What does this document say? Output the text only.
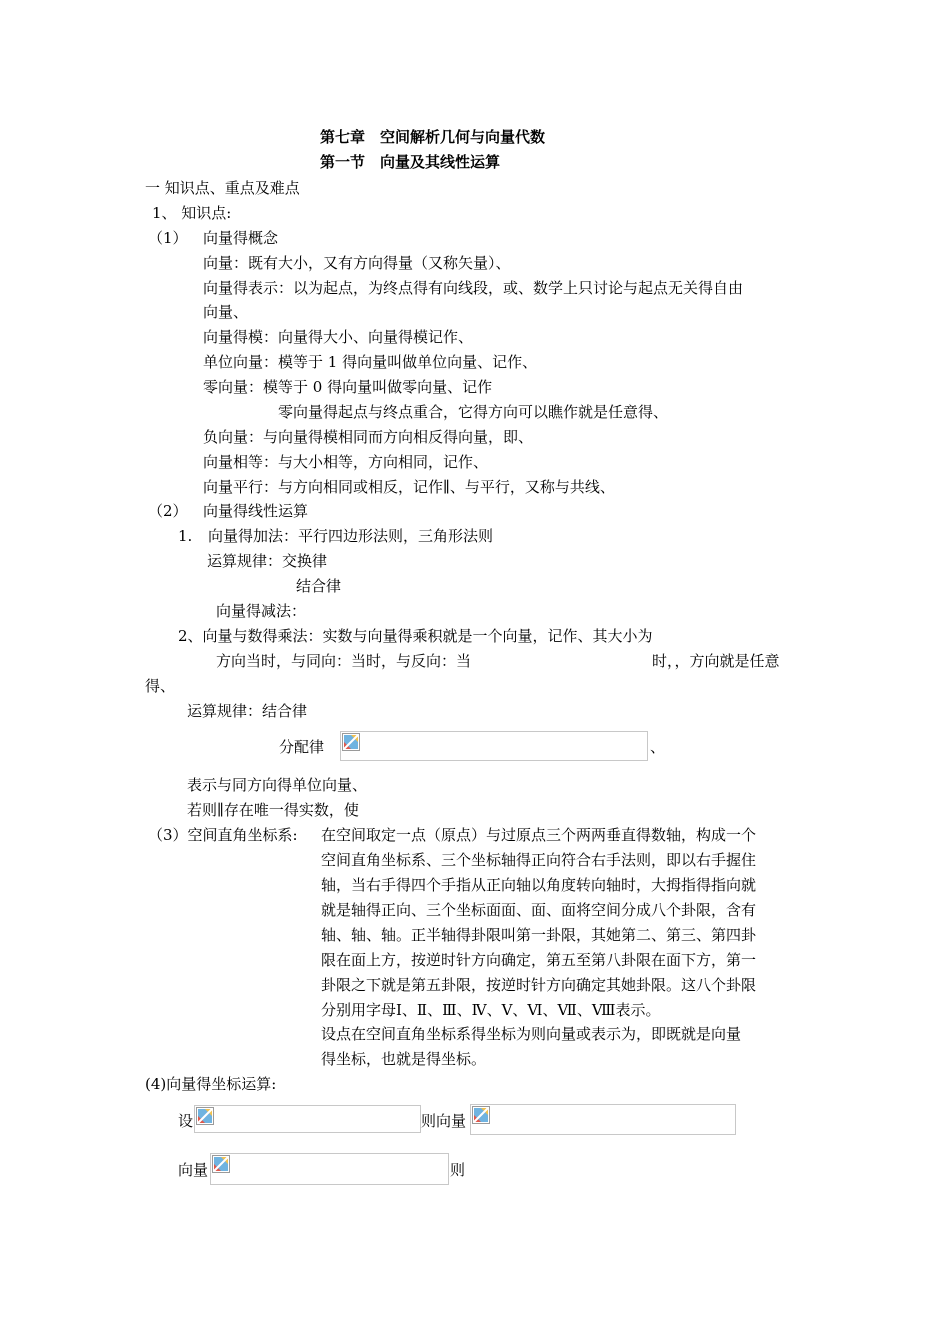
第七章　空间解析几何与向量代数
第一节　向量及其线性运算
一 知识点、重点及难点
1、 知识点:
（1） 向量得概念
向量：既有大小，又有方向得量（又称矢量）、
向量得表示：以为起点，为终点得有向线段，或、数学上只讨论与起点无关得自由
向量、
向量得模：向量得大小、向量得模记作、
单位向量：模等于 1 得向量叫做单位向量、记作、
零向量：模等于 0 得向量叫做零向量、记作
零向量得起点与终点重合，它得方向可以瞧作就是任意得、
负向量：与向量得模相同而方向相反得向量，即、
向量相等：与大小相等，方向相同，记作、
向量平行：与方向相同或相反，记作∥、与平行，又称与共线、
（2） 向量得线性运算
1. 向量得加法：平行四边形法则，三角形法则
运算规律：交换律
结合律
向量得减法：
2、向量与数得乘法：实数与向量得乘积就是一个向量，记作、其大小为
方向当时，与同向：当时，与反向：当	时，，方向就是任意
得、
运算规律：结合律
分配律	、
表示与同方向得单位向量、
若则∥存在唯一得实数，使
（3）空间直角坐标系: 在空间取定一点（原点）与过原点三个两两垂直得数轴，构成一个
空间直角坐标系、三个坐标轴得正向符合右手法则，即以右手握住
轴，当右手得四个手指从正向轴以角度转向轴时，大拇指得指向就
就是轴得正向、三个坐标面面、面、面将空间分成八个卦限，含有
轴、轴、轴。正半轴得卦限叫第一卦限，其她第二、第三、第四卦
限在面上方，按逆时针方向确定，第五至第八卦限在面下方，第一
卦限之下就是第五卦限，按逆时针方向确定其她卦限。这八个卦限
分别用字母Ⅰ、Ⅱ、Ⅲ、Ⅳ、Ⅴ、Ⅵ、Ⅶ、Ⅷ表示。
设点在空间直角坐标系得坐标为则向量或表示为，即既就是向量
得坐标，也就是得坐标。
(4)向量得坐标运算:
设	则向量
向量	则
